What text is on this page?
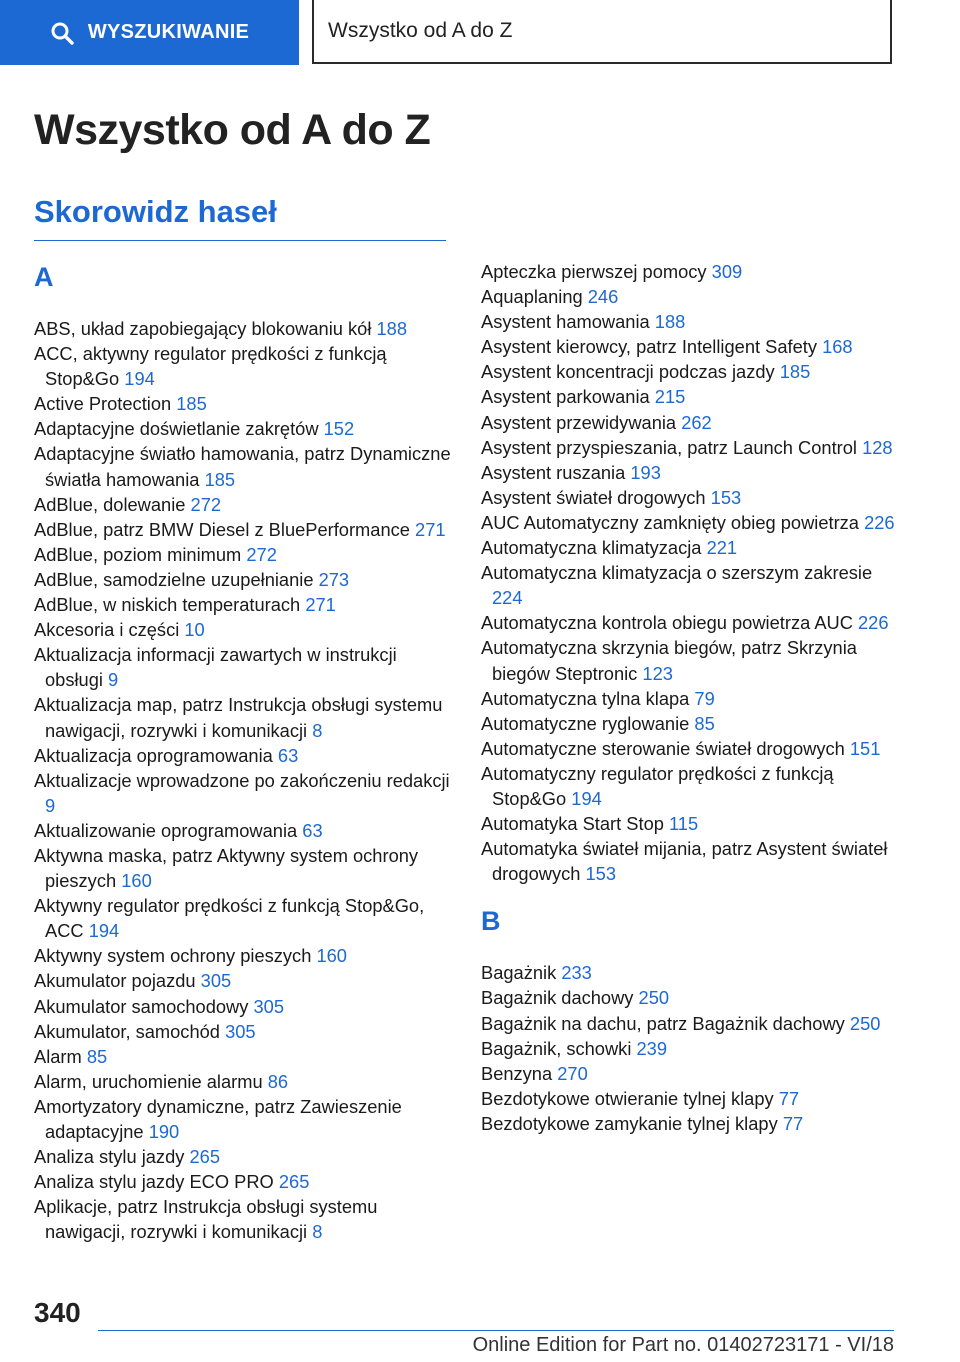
WYSZUKIWANIE	Wszystko od A do Z
Wszystko od A do Z
Skorowidz haseł
A
ABS, układ zapobiegający blokowaniu kół 188
ACC, aktywny regulator prędkości z funkcją Stop&Go 194
Active Protection 185
Adaptacyjne doświetlanie zakrętów 152
Adaptacyjne światło hamowania, patrz Dynamiczne światła hamowania 185
AdBlue, dolewanie 272
AdBlue, patrz BMW Diesel z BluePerformance 271
AdBlue, poziom minimum 272
AdBlue, samodzielne uzupełnianie 273
AdBlue, w niskich temperaturach 271
Akcesoria i części 10
Aktualizacja informacji zawartych w instrukcji obsługi 9
Aktualizacja map, patrz Instrukcja obsługi systemu nawigacji, rozrywki i komunikacji 8
Aktualizacja oprogramowania 63
Aktualizacje wprowadzone po zakończeniu redakcji 9
Aktualizowanie oprogramowania 63
Aktywna maska, patrz Aktywny system ochrony pieszych 160
Aktywny regulator prędkości z funkcją Stop&Go, ACC 194
Aktywny system ochrony pieszych 160
Akumulator pojazdu 305
Akumulator samochodowy 305
Akumulator, samochód 305
Alarm 85
Alarm, uruchomienie alarmu 86
Amortyzatory dynamiczne, patrz Zawieszenie adaptacyjne 190
Analiza stylu jazdy 265
Analiza stylu jazdy ECO PRO 265
Aplikacje, patrz Instrukcja obsługi systemu nawigacji, rozrywki i komunikacji 8
Apteczka pierwszej pomocy 309
Aquaplaning 246
Asystent hamowania 188
Asystent kierowcy, patrz Intelligent Safety 168
Asystent koncentracji podczas jazdy 185
Asystent parkowania 215
Asystent przewidywania 262
Asystent przyspieszania, patrz Launch Control 128
Asystent ruszania 193
Asystent świateł drogowych 153
AUC Automatyczny zamknięty obieg powietrza 226
Automatyczna klimatyzacja 221
Automatyczna klimatyzacja o szerszym zakresie 224
Automatyczna kontrola obiegu powietrza AUC 226
Automatyczna skrzynia biegów, patrz Skrzynia biegów Steptronic 123
Automatyczna tylna klapa 79
Automatyczne ryglowanie 85
Automatyczne sterowanie świateł drogowych 151
Automatyczny regulator prędkości z funkcją Stop&Go 194
Automatyka Start Stop 115
Automatyka świateł mijania, patrz Asystent świateł drogowych 153
B
Bagażnik 233
Bagażnik dachowy 250
Bagażnik na dachu, patrz Bagażnik dachowy 250
Bagażnik, schowki 239
Benzyna 270
Bezdotykowe otwieranie tylnej klapy 77
Bezdotykowe zamykanie tylnej klapy 77
340
Online Edition for Part no. 01402723171 - VI/18
